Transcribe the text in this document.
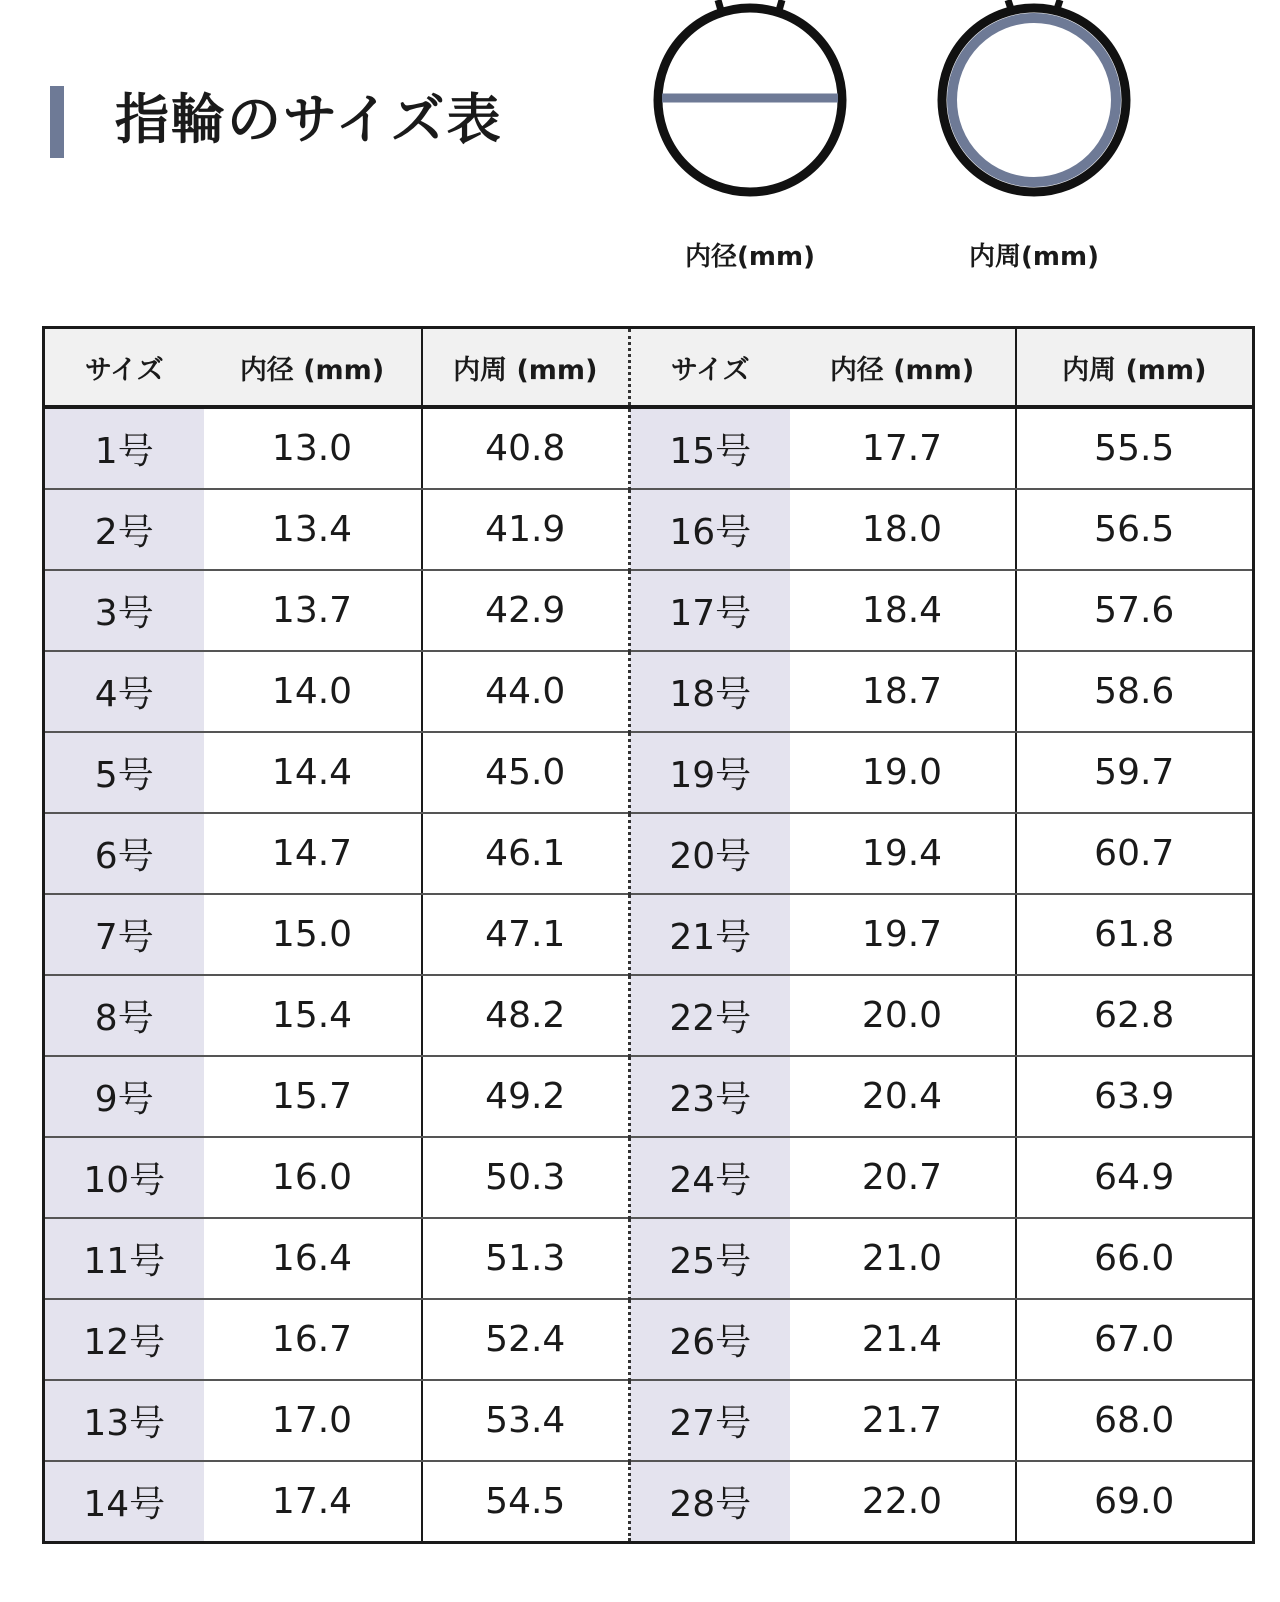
指輪のサイズ表
内径(mm)	内周(mm)
サイズ	内径 (mm)	内周 (mm)	サイズ	内径 (mm)	内周 (mm)
1号	13.0	40.8	15号	17.7	55.5
2号	13.4	41.9	16号	18.0	56.5
3号	13.7	42.9	17号	18.4	57.6
4号	14.0	44.0	18号	18.7	58.6
5号	14.4	45.0	19号	19.0	59.7
6号	14.7	46.1	20号	19.4	60.7
7号	15.0	47.1	21号	19.7	61.8
8号	15.4	48.2	22号	20.0	62.8
9号	15.7	49.2	23号	20.4	63.9
10号	16.0	50.3	24号	20.7	64.9
11号	16.4	51.3	25号	21.0	66.0
12号	16.7	52.4	26号	21.4	67.0
13号	17.0	53.4	27号	21.7	68.0
14号	17.4	54.5	28号	22.0	69.0
